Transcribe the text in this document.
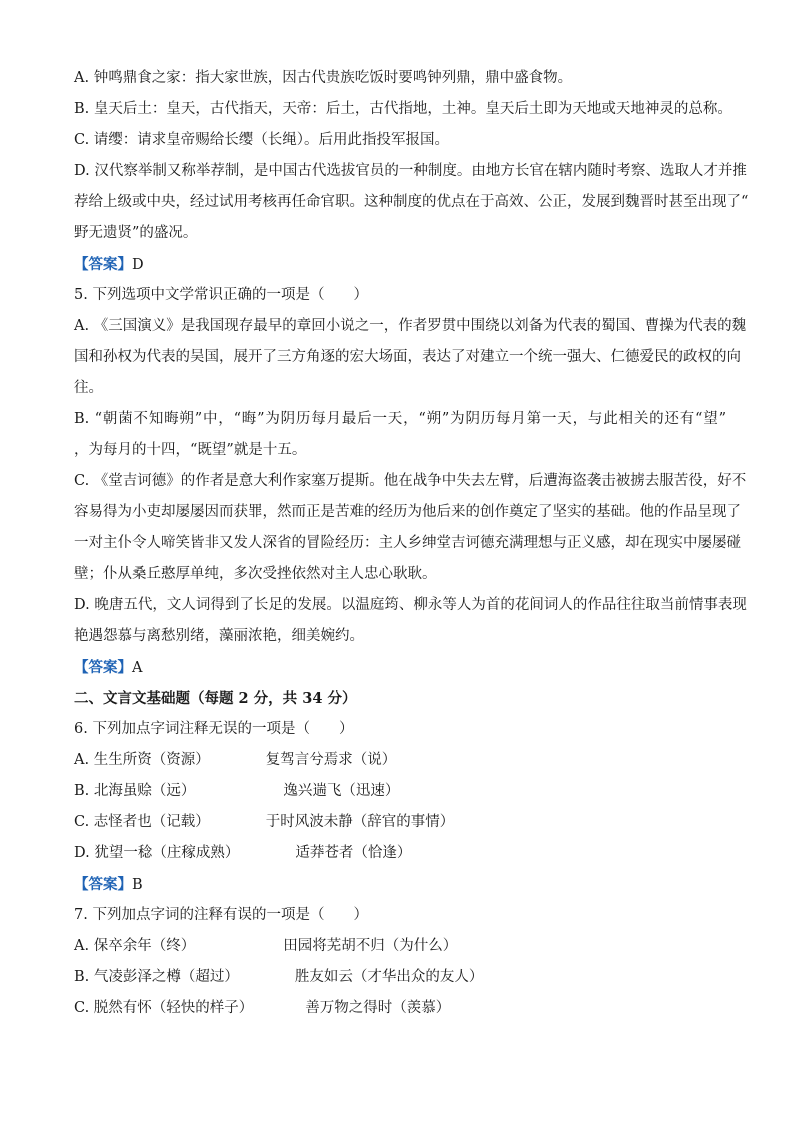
A. 钟鸣鼎食之家：指大家世族，因古代贵族吃饭时要鸣钟列鼎，鼎中盛食物。
B. 皇天后土：皇天，古代指天，天帝：后土，古代指地，土神。皇天后土即为天地或天地神灵的总称。
C. 请缨：请求皇帝赐给长缨（长绳）。后用此指投军报国。
D. 汉代察举制又称举荐制，是中国古代选拔官员的一种制度。由地方长官在辖内随时考察、选取人才并推
荐给上级或中央，经过试用考核再任命官职。这种制度的优点在于高效、公正，发展到魏晋时甚至出现了“
野无遗贤”的盛况。
【答案】D
5. 下列选项中文学常识正确的一项是（　　）
A. 《三国演义》是我国现存最早的章回小说之一，作者罗贯中围绕以刘备为代表的蜀国、曹操为代表的魏
国和孙权为代表的吴国，展开了三方角逐的宏大场面，表达了对建立一个统一强大、仁德爱民的政权的向
往。
B. “朝菌不知晦朔”中，“晦”为阴历每月最后一天，“朔”为阴历每月第一天，与此相关的还有“望”
，为每月的十四，“既望”就是十五。
C. 《堂吉诃德》的作者是意大利作家塞万提斯。他在战争中失去左臂，后遭海盗袭击被掳去服苦役，好不
容易得为小吏却屡屡因而获罪，然而正是苦难的经历为他后来的创作奠定了坚实的基础。他的作品呈现了
一对主仆令人啼笑皆非又发人深省的冒险经历：主人乡绅堂吉诃德充满理想与正义感，却在现实中屡屡碰
壁；仆从桑丘憨厚单纯，多次受挫依然对主人忠心耿耿。
D. 晚唐五代，文人词得到了长足的发展。以温庭筠、柳永等人为首的花间词人的作品往往取当前情事表现
艳遇怨慕与离愁别绪，藻丽浓艳，细美婉约。
【答案】A
二、文言文基础题（每题 2 分，共 34 分）
6. 下列加点字词注释无误的一项是（　　）
A. 生生所资（资源）	复驾言兮焉求（说）
B. 北海虽赊（远）	逸兴遄飞（迅速）
C. 志怪者也（记载）	于时风波未静（辞官的事情）
D. 犹望一稔（庄稼成熟）	适莽苍者（恰逢）
【答案】B
7. 下列加点字词的注释有误的一项是（　　）
A. 保卒余年（终）	田园将芜胡不归（为什么）
B. 气凌彭泽之樽（超过）	胜友如云（才华出众的友人）
C. 脱然有怀（轻快的样子）	善万物之得时（羡慕）
